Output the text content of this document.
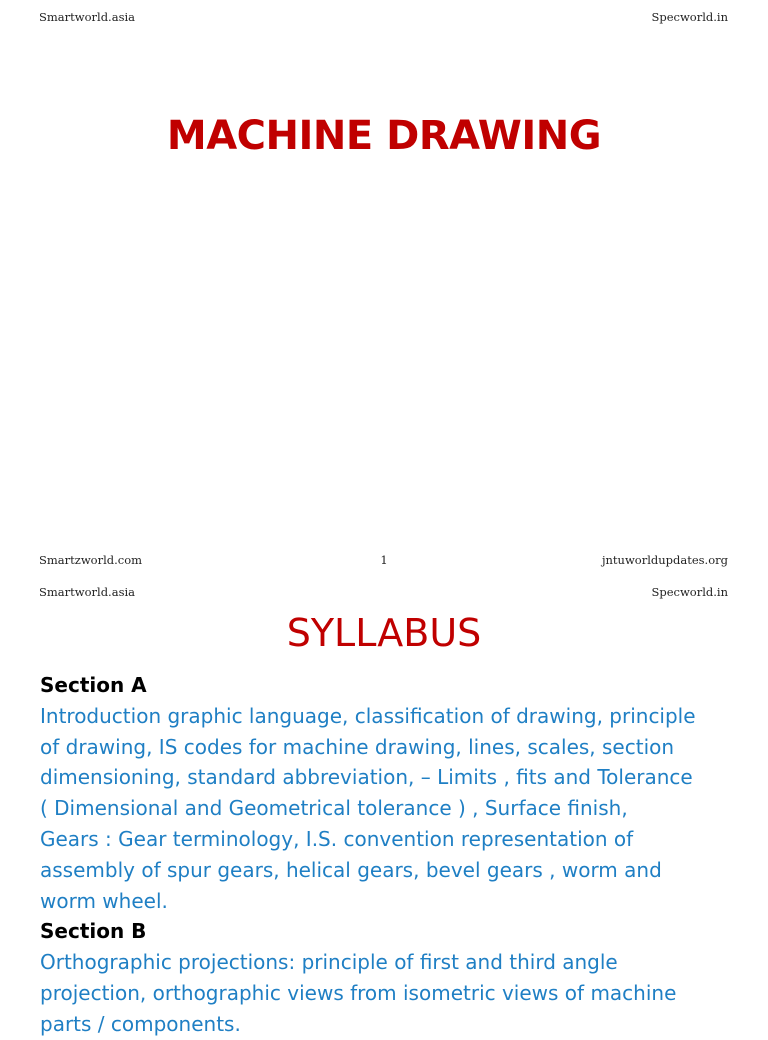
Smartworld.asia	Specworld.in
MACHINE DRAWING
Smartzworld.com	1	jntuworldupdates.org
Smartworld.asia	Specworld.in
SYLLABUS
Section A
Introduction graphic language, classification of drawing, principle
of drawing, IS codes for machine drawing, lines, scales, section
dimensioning, standard abbreviation, – Limits , fits and Tolerance
( Dimensional and Geometrical tolerance ) , Surface finish,
Gears : Gear terminology, I.S. convention representation of
assembly of spur gears, helical gears, bevel gears , worm and
worm wheel.
Section B
Orthographic projections: principle of first and third angle
projection, orthographic views from isometric views of machine
parts / components.
